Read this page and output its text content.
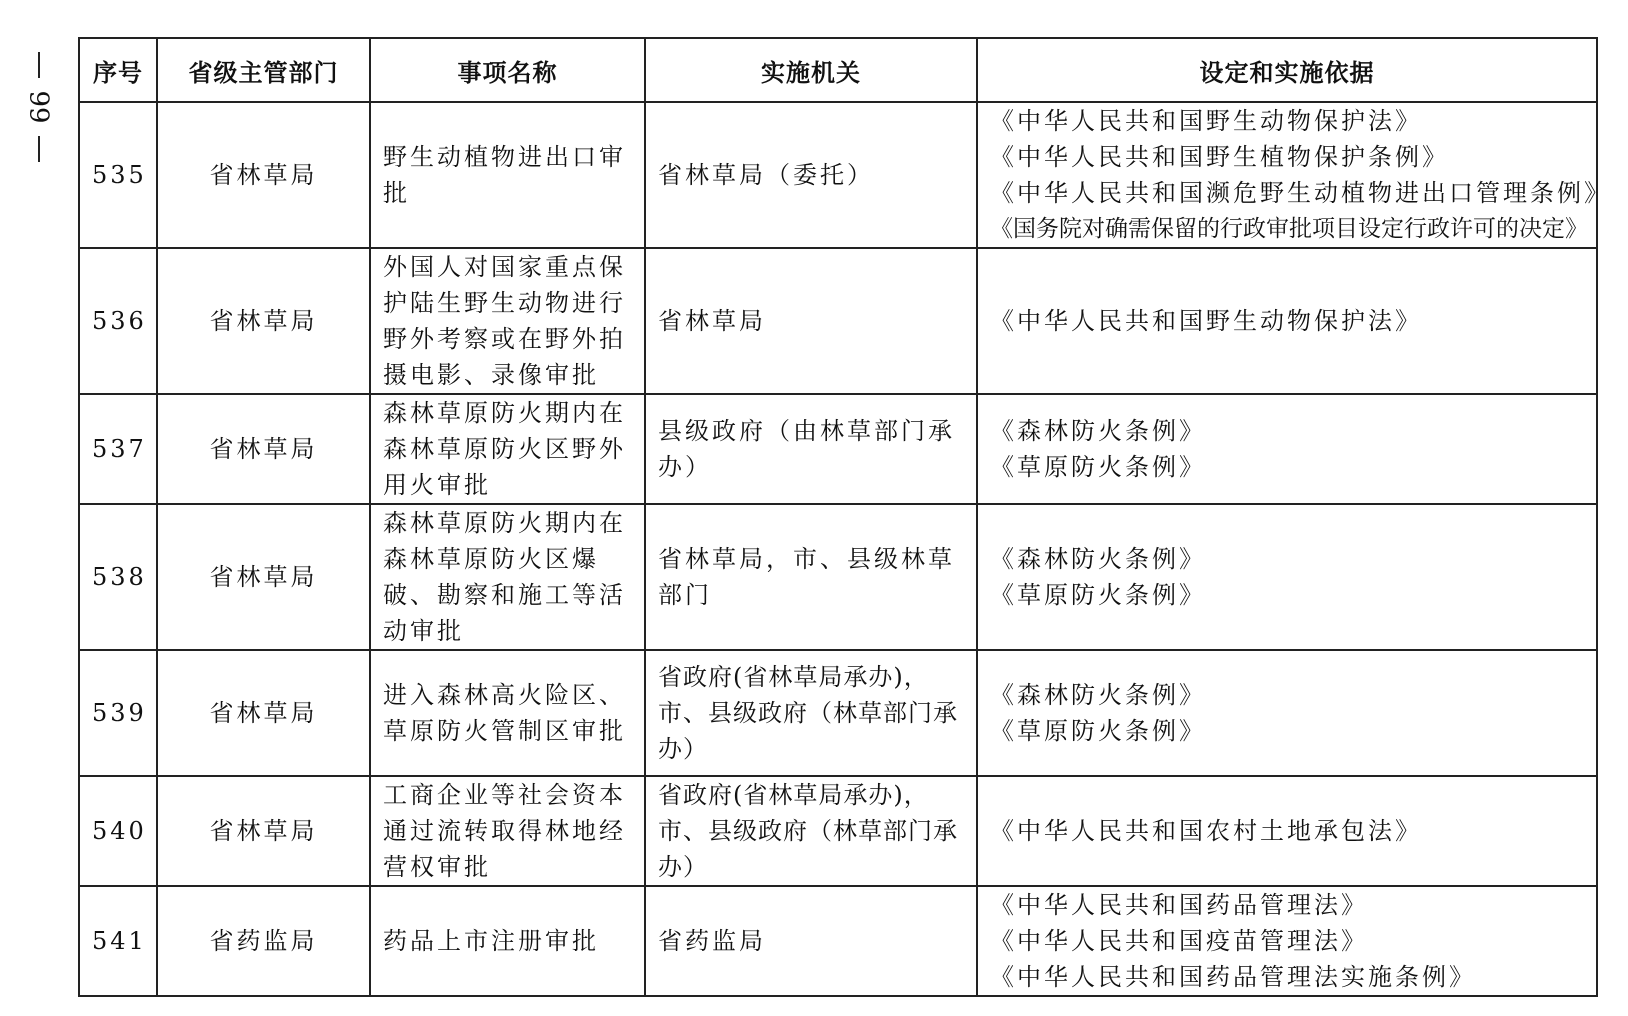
99
序号	省级主管部门	事项名称	实施机关	设定和实施依据
535	省林草局	野生动植物进出口审批	省林草局（委托）	《中华人民共和国野生动物保护法》
《中华人民共和国野生植物保护条例》
《中华人民共和国濒危野生动植物进出口管理条例》
《国务院对确需保留的行政审批项目设定行政许可的决定》

536	省林草局	外国人对国家重点保护陆生野生动物进行野外考察或在野外拍摄电影、录像审批	省林草局	《中华人民共和国野生动物保护法》

537	省林草局	森林草原防火期内在森林草原防火区野外用火审批	县级政府（由林草部门承办）	《森林防火条例》
《草原防火条例》

538	省林草局	森林草原防火期内在森林草原防火区爆破、勘察和施工等活动审批	省林草局，市、县级林草部门	《森林防火条例》
《草原防火条例》

539	省林草局	进入森林高火险区、草原防火管制区审批	省政府(省林草局承办)，市、县级政府（林草部门承办）	《森林防火条例》
《草原防火条例》

540	省林草局	工商企业等社会资本通过流转取得林地经营权审批	省政府(省林草局承办)，市、县级政府（林草部门承办）	《中华人民共和国农村土地承包法》

541	省药监局	药品上市注册审批	省药监局	《中华人民共和国药品管理法》
《中华人民共和国疫苗管理法》
《中华人民共和国药品管理法实施条例》
